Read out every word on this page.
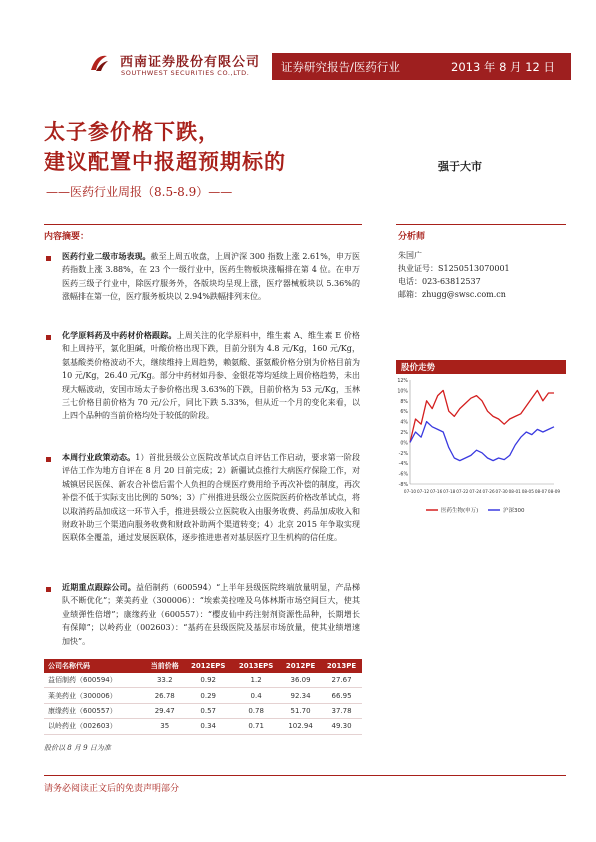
西南证券股份有限公司
SOUTHWEST SECURITIES CO.,LTD.	证券研究报告/医药行业	2013 年 8 月 12 日
太子参价格下跌，
建议配置中报超预期标的	强于大市
——医药行业周报（8.5-8.9）——
内容摘要：
医药行业二级市场表现。截至上周五收盘，上周沪深 300 指数上涨 2.61%，申万医药指数上涨 3.88%，在 23 个一级行业中，医药生物板块涨幅排在第 4 位。在申万医药三级子行业中，除医疗服务外，各版块均呈现上涨，医疗器械板块以 5.36%的涨幅排在第一位，医疗服务板块以 2.94%跌幅排列末位。
化学原料药及中药材价格跟踪。上周关注的化学原料中，维生素 A、维生素 E 价格和上周持平，氯化胆碱，叶酸价格出现下跌，目前分别为 4.8 元/Kg，160 元/Kg，氨基酸类价格波动不大，继续维持上周趋势，赖氨酸、蛋氨酸价格分别为价格目前为 10 元/Kg，26.40 元/Kg。部分中药材如丹参、金银花等均延续上周价格趋势，未出现大幅波动，安国市场太子参价格出现 3.63%的下跌，目前价格为 53 元/Kg，玉林三七价格目前价格为 70 元/公斤，同比下跌 5.33%，但从近一个月的变化来看，以上四个品种的当前价格均处于较低的阶段。
本周行业政策动态。1）首批县级公立医院改革试点自评估工作启动，要求第一阶段评估工作为地方自评在 8 月 20 日前完成；2）新疆试点推行大病医疗保险工作，对城镇居民医保、新农合补偿后需个人负担的合规医疗费用给予再次补偿的制度，再次补偿不低于实际支出比例的 50%；3）广州推进县级公立医院医药价格改革试点，将以取消药品加成这一环节入手，推进县级公立医院收入由服务收费、药品加成收入和财政补助三个渠道向服务收费和财政补助两个渠道转变；4）北京 2015 年争取实现医联体全覆盖，通过发展医联体，逐步推进患者对基层医疗卫生机构的信任度。
近期重点跟踪公司。益佰制药（600594）“上半年县级医院终端放量明显，产品梯队不断优化”；莱美药业（300006）：“埃索美拉唑及乌体林斯市场空间巨大，使其业绩弹性倍增”；康缘药业（600557）：“樱皮仙中药注射剂资源性品种，长期增长有保障”；以岭药业（002603）：“基药在县级医院及基层市场放量，使其业绩增速加快”。
分析师
朱国广
执业证号：S1250513070001
电话：023-63812537
邮箱：zhugg@swsc.com.cn
股价走势
12%
10%
8%
6%
4%
2%
0%
-2%
-4%
-6%
-8%
07-10 07-12 07-16 07-18 07-22 07-24 07-26 07-30 08-01 08-05 08-07 08-09
医药生物(申万)	沪深300
公司名称代码	当前价格	2012EPS	2013EPS	2012PE	2013PE
益佰制药（600594）	33.2	0.92	1.2	36.09	27.67
莱美药业（300006）	26.78	0.29	0.4	92.34	66.95
康缘药业（600557）	29.47	0.57	0.78	51.70	37.78
以岭药业（002603）	35	0.34	0.71	102.94	49.30
股价以 8 月 9 日为准
请务必阅读正文后的免责声明部分
